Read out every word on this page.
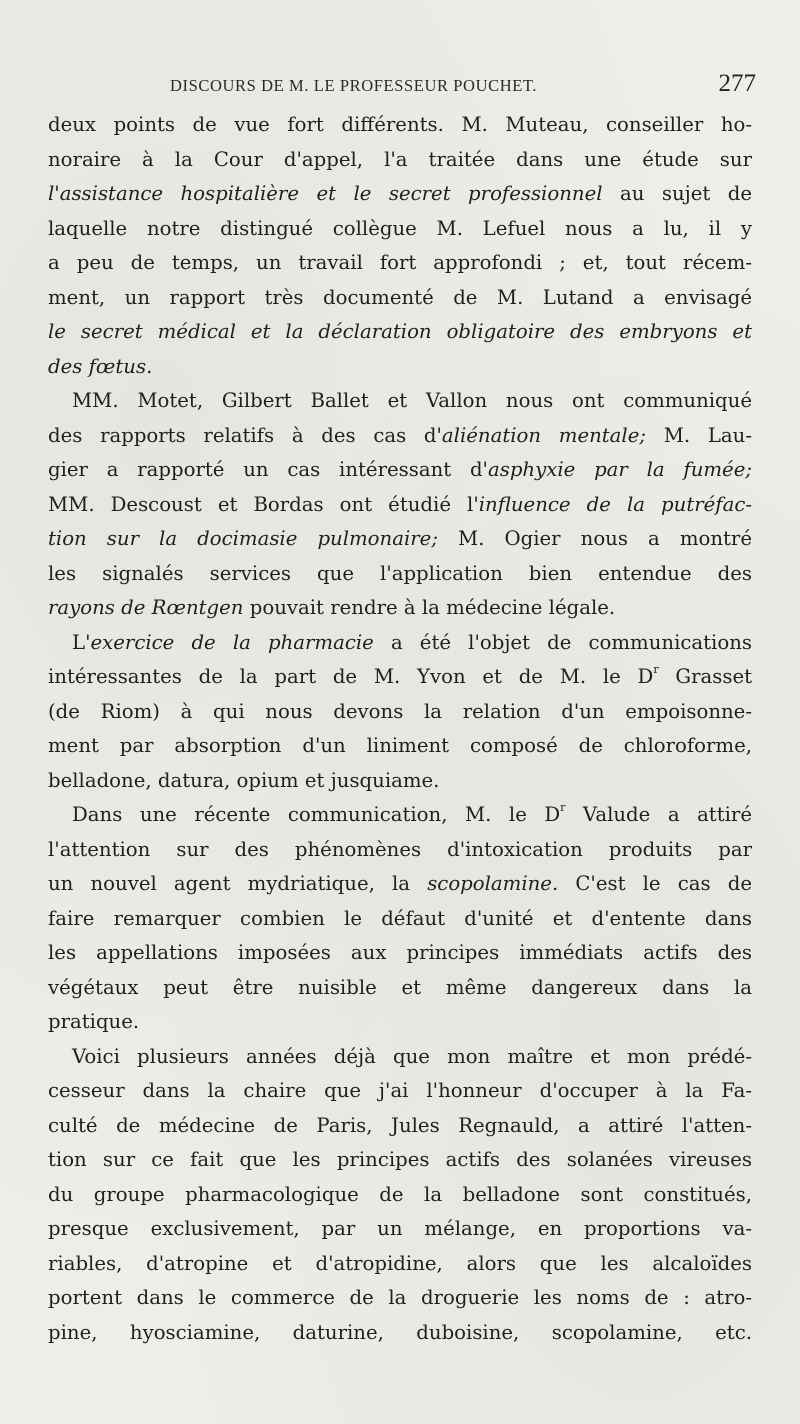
DISCOURS DE M. LE PROFESSEUR POUCHET.	277
deux points de vue fort différents. M. Muteau, conseiller ho-
noraire à la Cour d'appel, l'a traitée dans une étude sur
l'assistance hospitalière et le secret professionnel au sujet de
laquelle notre distingué collègue M. Lefuel nous a lu, il y
a peu de temps, un travail fort approfondi ; et, tout récem-
ment, un rapport très documenté de M. Lutand a envisagé
le secret médical et la déclaration obligatoire des embryons et
des fœtus.
MM. Motet, Gilbert Ballet et Vallon nous ont communiqué
des rapports relatifs à des cas d'aliénation mentale; M. Lau-
gier a rapporté un cas intéressant d'asphyxie par la fumée;
MM. Descoust et Bordas ont étudié l'influence de la putréfac-
tion sur la docimasie pulmonaire; M. Ogier nous a montré
les signalés services que l'application bien entendue des
rayons de Rœntgen pouvait rendre à la médecine légale.
L'exercice de la pharmacie a été l'objet de communications
intéressantes de la part de M. Yvon et de M. le $D^r$ Grasset
(de Riom) à qui nous devons la relation d'un empoisonne-
ment par absorption d'un liniment composé de chloroforme,
belladone, datura, opium et jusquiame.
Dans une récente communication, M. le $D^r$ Valude a attiré
l'attention sur des phénomènes d'intoxication produits par
un nouvel agent mydriatique, la scopolamine. C'est le cas de
faire remarquer combien le défaut d'unité et d'entente dans
les appellations imposées aux principes immédiats actifs des
végétaux peut être nuisible et même dangereux dans la
pratique.
Voici plusieurs années déjà que mon maître et mon prédé-
cesseur dans la chaire que j'ai l'honneur d'occuper à la Fa-
culté de médecine de Paris, Jules Regnauld, a attiré l'atten-
tion sur ce fait que les principes actifs des solanées vireuses
du groupe pharmacologique de la belladone sont constitués,
presque exclusivement, par un mélange, en proportions va-
riables, d'atropine et d'atropidine, alors que les alcaloïdes
portent dans le commerce de la droguerie les noms de : atro-
pine, hyosciamine, daturine, duboisine, scopolamine, etc.
